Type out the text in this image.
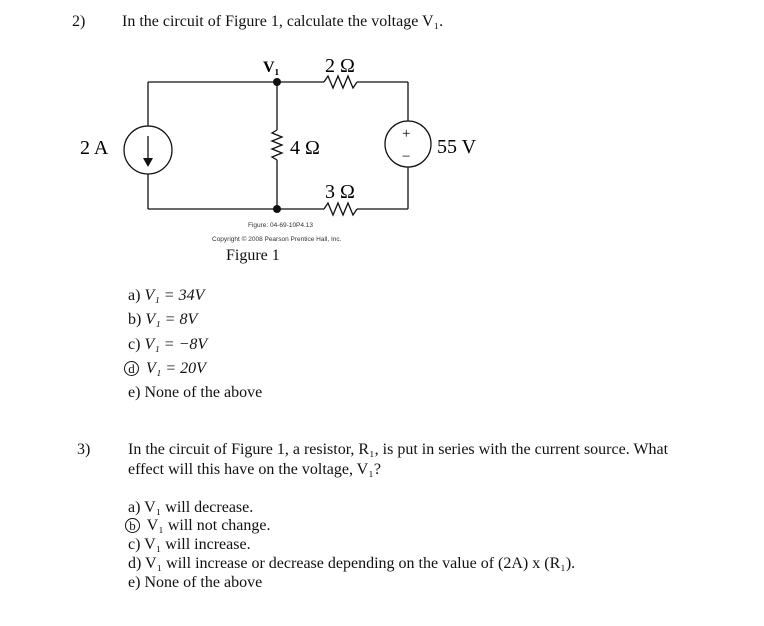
2) In the circuit of Figure 1, calculate the voltage V₁.
V₁ 2 Ω
4 Ω
3 Ω
2 A	55 V
+
−
Figure: 04-69-10P4.13
Copyright © 2008 Pearson Prentice Hall, Inc.
Figure 1
a) V₁ = 34V
b) V₁ = 8V
c) V₁ = −8V
d V₁ = 20V
e) None of the above
3) In the circuit of Figure 1, a resistor, R₁, is put in series with the current source. What
effect will this have on the voltage, V₁?
a) V₁ will decrease.
b V₁ will not change.
c) V₁ will increase.
d) V₁ will increase or decrease depending on the value of (2A) x (R₁).
e) None of the above
